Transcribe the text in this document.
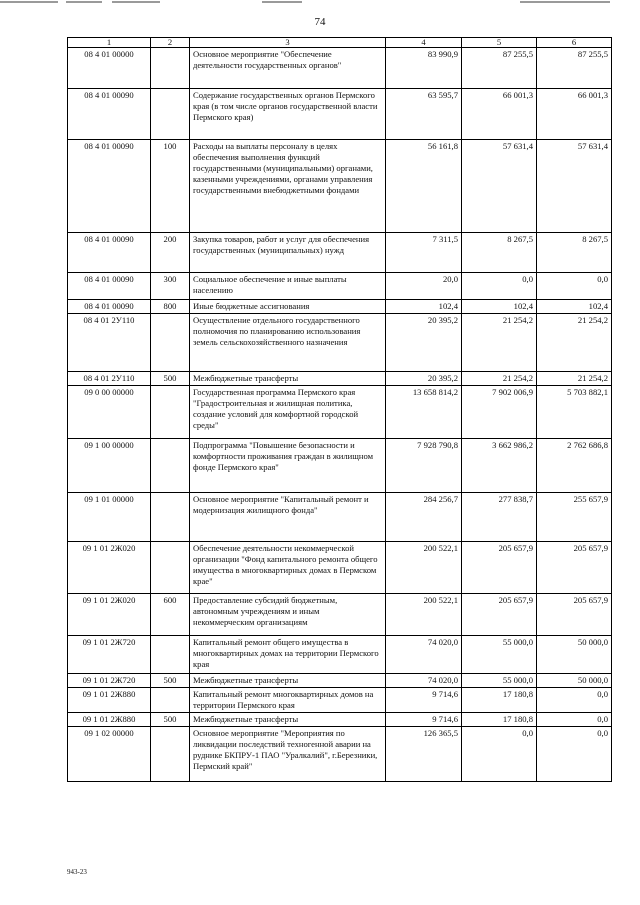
74
1	2	3	4	5	6
08 4 01 00000		Основное мероприятие "Обеспечение деятельности государственных органов"	83 990,9	87 255,5	87 255,5
08 4 01 00090		Содержание государственных органов Пермского края (в том числе органов государственной власти Пермского края)	63 595,7	66 001,3	66 001,3
08 4 01 00090	100	Расходы на выплаты персоналу в целях обеспечения выполнения функций государственными (муниципальными) органами, казенными учреждениями, органами управления государственными внебюджетными фондами	56 161,8	57 631,4	57 631,4
08 4 01 00090	200	Закупка товаров, работ и услуг для обеспечения государственных (муниципальных) нужд	7 311,5	8 267,5	8 267,5
08 4 01 00090	300	Социальное обеспечение и иные выплаты населению	20,0	0,0	0,0
08 4 01 00090	800	Иные бюджетные ассигнования	102,4	102,4	102,4
08 4 01 2У110		Осуществление отдельного государственного полномочия по планированию использования земель сельскохозяйственного назначения	20 395,2	21 254,2	21 254,2
08 4 01 2У110	500	Межбюджетные трансферты	20 395,2	21 254,2	21 254,2
09 0 00 00000		Государственная программа Пермского края "Градостроительная и жилищная политика, создание условий для комфортной городской среды"	13 658 814,2	7 902 006,9	5 703 882,1
09 1 00 00000		Подпрограмма "Повышение безопасности и комфортности проживания граждан в жилищном фонде Пермского края"	7 928 790,8	3 662 986,2	2 762 686,8
09 1 01 00000		Основное мероприятие "Капитальный ремонт и модернизация жилищного фонда"	284 256,7	277 838,7	255 657,9
09 1 01 2Ж020		Обеспечение деятельности некоммерческой организации "Фонд капитального ремонта общего имущества в многоквартирных домах в Пермском крае"	200 522,1	205 657,9	205 657,9
09 1 01 2Ж020	600	Предоставление субсидий бюджетным, автономным учреждениям и иным некоммерческим организациям	200 522,1	205 657,9	205 657,9
09 1 01 2Ж720		Капитальный ремонт общего имущества в многоквартирных домах на территории Пермского края	74 020,0	55 000,0	50 000,0
09 1 01 2Ж720	500	Межбюджетные трансферты	74 020,0	55 000,0	50 000,0
09 1 01 2Ж880		Капитальный ремонт многоквартирных домов на территории Пермского края	9 714,6	17 180,8	0,0
09 1 01 2Ж880	500	Межбюджетные трансферты	9 714,6	17 180,8	0,0
09 1 02 00000		Основное мероприятие "Мероприятия по ликвидации последствий техногенной аварии на руднике БКПРУ-1 ПАО "Уралкалий", г.Березники, Пермский край"	126 365,5	0,0	0,0
943-23
